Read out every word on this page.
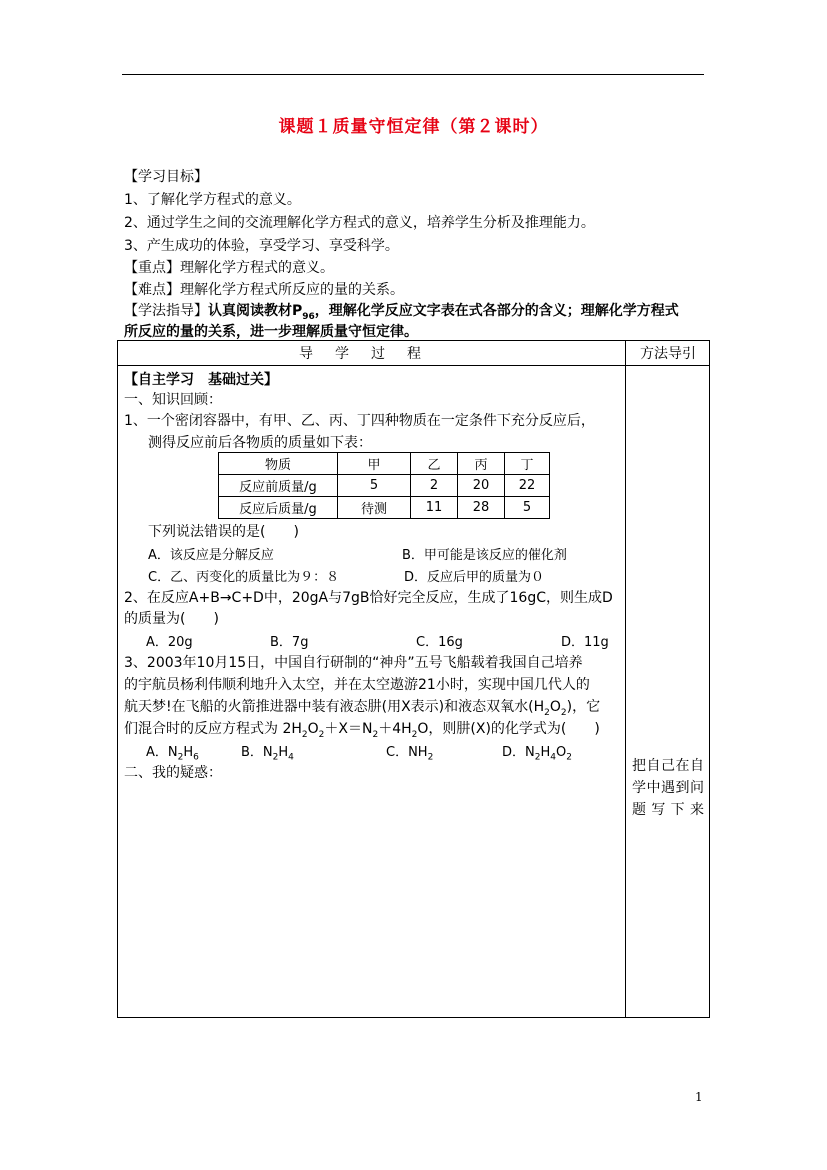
课题１质量守恒定律（第２课时）
【学习目标】
1、了解化学方程式的意义。
2、通过学生之间的交流理解化学方程式的意义，培养学生分析及推理能力。
3、产生成功的体验，享受学习、享受科学。
【重点】理解化学方程式的意义。
【难点】理解化学方程式所反应的量的关系。
【学法指导】认真阅读教材$P_{96}$，理解化学反应文字表在式各部分的含义；理解化学方程式
所反应的量的关系，进一步理解质量守恒定律。
导学过程	方法导引
【自主学习　基础过关】
一、知识回顾：
1、一个密闭容器中，有甲、乙、丙、丁四种物质在一定条件下充分反应后，
测得反应前后各物质的质量如下表：
物质	甲	乙	丙	丁
反应前质量/g	5	2	20	22
反应后质量/g	待测	11	28	5
下列说法错误的是(　　)
A．该反应是分解反应	B．甲可能是该反应的催化剂
C．乙、丙变化的质量比为９：８	D．反应后甲的质量为０
2、在反应A+B→C+D中，20gA与7gB恰好完全反应，生成了16gC，则生成D
的质量为(　　)
A．20g	B．7g	C．16g	D．11g
3、2003年10月15日，中国自行研制的“神舟”五号飞船载着我国自己培养
的宇航员杨利伟顺利地升入太空，并在太空遨游21小时，实现中国几代人的
航天梦!在飞船的火箭推进器中装有液态肼(用X表示)和液态双氧水$(H_2O_2)$，它
们混合时的反应方程式为 $2H_2O_2+X=N_2+4H_2O$，则肼(X)的化学式为(　　)
A．$N_2H_6$	B．$N_2H_4$	C．$NH_2$	D．$N_2H_4O_2$
二、我的疑惑：	把自己在自学中遇到问题写下来
1
